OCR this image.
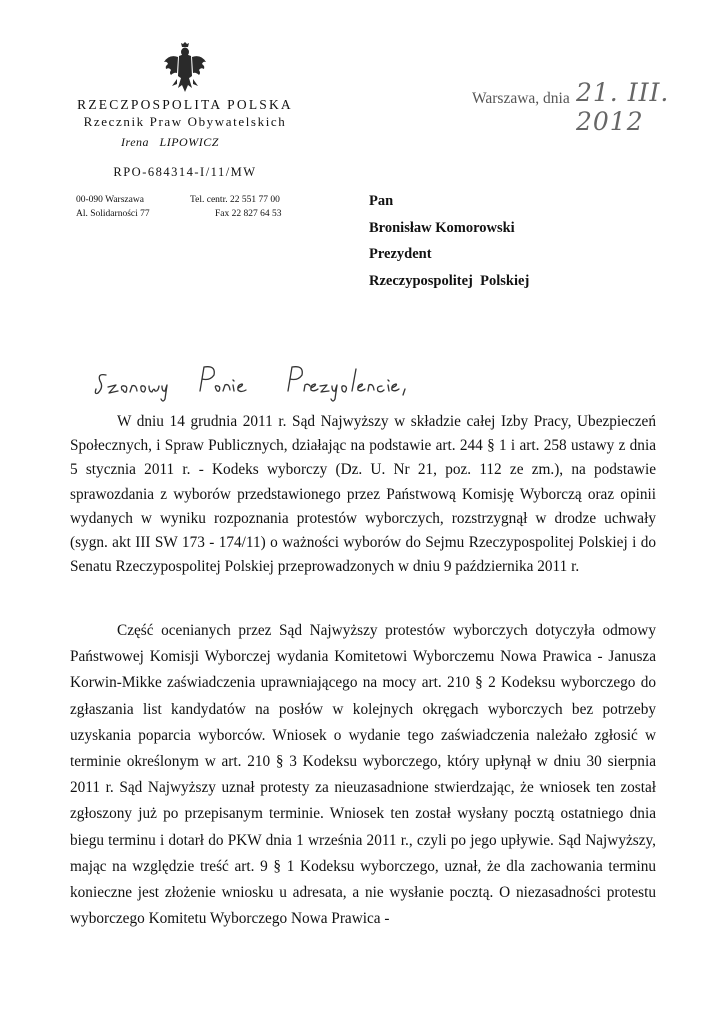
RZECZPOSPOLITA POLSKA
Rzecznik Praw Obywatelskich
Irena LIPOWICZ
RPO-684314-I/11/MW
00-090 Warszawa
Al. Solidarności 77
Tel. centr. 22 551 77 00
Fax 22 827 64 53
Warszawa, dnia 21. III. 2012
Pan
Bronisław Komorowski
Prezydent
Rzeczypospolitej  Polskiej

W dniu 14 grudnia 2011 r. Sąd Najwyższy w składzie całej Izby Pracy, Ubezpieczeń Społecznych, i Spraw Publicznych, działając na podstawie art. 244 § 1 i art. 258 ustawy z dnia 5 stycznia 2011 r. - Kodeks wyborczy (Dz. U. Nr 21, poz. 112 ze zm.), na podstawie sprawozdania z wyborów przedstawionego przez Państwową Komisję Wyborczą oraz opinii wydanych w wyniku rozpoznania protestów wyborczych, rozstrzygnął w drodze uchwały (sygn. akt III SW 173 - 174/11) o ważności wyborów do Sejmu Rzeczypospolitej Polskiej i do Senatu Rzeczypospolitej Polskiej przeprowadzonych w dniu 9 października 2011 r.

Część ocenianych przez Sąd Najwyższy protestów wyborczych dotyczyła odmowy Państwowej Komisji Wyborczej wydania Komitetowi Wyborczemu Nowa Prawica - Janusza Korwin-Mikke zaświadczenia uprawniającego na mocy art. 210 § 2 Kodeksu wyborczego do zgłaszania list kandydatów na posłów w kolejnych okręgach wyborczych bez potrzeby uzyskania poparcia wyborców. Wniosek o wydanie tego zaświadczenia należało zgłosić w terminie określonym w art. 210 § 3 Kodeksu wyborczego, który upłynął w dniu 30 sierpnia 2011 r. Sąd Najwyższy uznał protesty za nieuzasadnione stwierdzając, że wniosek ten został zgłoszony już po przepisanym terminie. Wniosek ten został wysłany pocztą ostatniego dnia biegu terminu i dotarł do PKW dnia 1 września 2011 r., czyli po jego upływie. Sąd Najwyższy, mając na względzie treść art. 9 § 1 Kodeksu wyborczego, uznał, że dla zachowania terminu konieczne jest złożenie wniosku u adresata, a nie wysłanie pocztą. O niezasadności protestu wyborczego Komitetu Wyborczego Nowa Prawica -
